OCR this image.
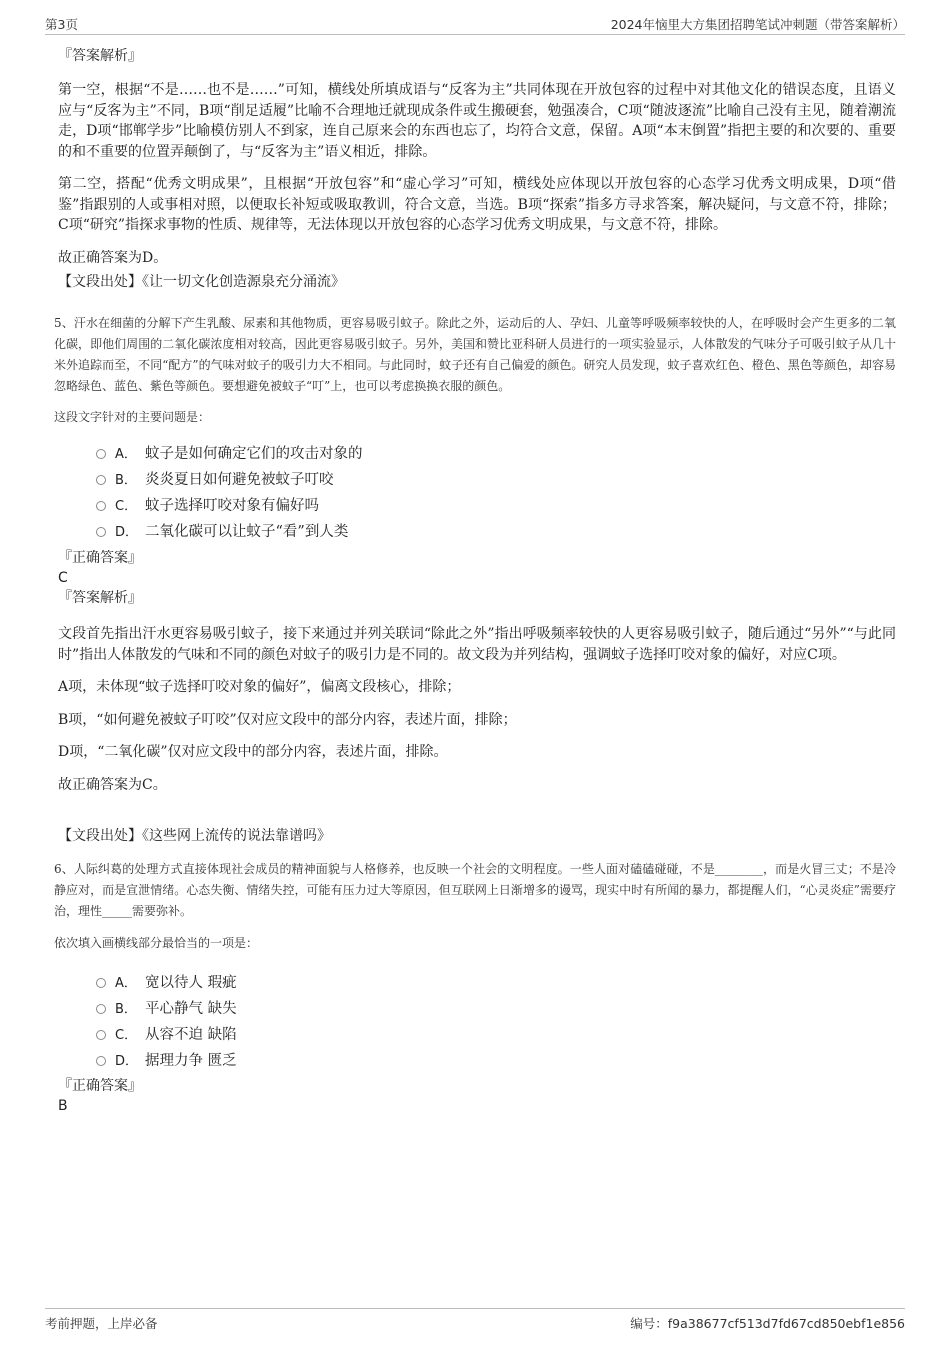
第3页	2024年恼里大方集团招聘笔试冲刺题（带答案解析）

『答案解析』

第一空，根据“不是……也不是……”可知，横线处所填成语与“反客为主”共同体现在开放包容的过程中对其他文化的错误态度，且语义应与“反客为主”不同，B项“削足适履”比喻不合理地迁就现成条件或生搬硬套，勉强凑合，C项“随波逐流”比喻自己没有主见，随着潮流走，D项“邯郸学步”比喻模仿别人不到家，连自己原来会的东西也忘了，均符合文意，保留。A项“本末倒置”指把主要的和次要的、重要的和不重要的位置弄颠倒了，与“反客为主”语义相近，排除。

第二空，搭配“优秀文明成果”，且根据“开放包容”和“虚心学习”可知，横线处应体现以开放包容的心态学习优秀文明成果，D项“借鉴”指跟别的人或事相对照，以便取长补短或吸取教训，符合文意，当选。B项“探索”指多方寻求答案，解决疑问，与文意不符，排除；C项“研究”指探求事物的性质、规律等，无法体现以开放包容的心态学习优秀文明成果，与文意不符，排除。

故正确答案为D。

【文段出处】《让一切文化创造源泉充分涌流》

5、汗水在细菌的分解下产生乳酸、尿素和其他物质，更容易吸引蚊子。除此之外，运动后的人、孕妇、儿童等呼吸频率较快的人，在呼吸时会产生更多的二氧化碳，即他们周围的二氧化碳浓度相对较高，因此更容易吸引蚊子。另外，美国和赞比亚科研人员进行的一项实验显示，人体散发的气味分子可吸引蚊子从几十米外追踪而至，不同“配方”的气味对蚊子的吸引力大不相同。与此同时，蚊子还有自己偏爱的颜色。研究人员发现，蚊子喜欢红色、橙色、黑色等颜色，却容易忽略绿色、蓝色、紫色等颜色。要想避免被蚊子“叮”上，也可以考虑换换衣服的颜色。

这段文字针对的主要问题是：

A． 蚊子是如何确定它们的攻击对象的
B． 炎炎夏日如何避免被蚊子叮咬
C． 蚊子选择叮咬对象有偏好吗
D． 二氧化碳可以让蚊子“看”到人类

『正确答案』

C

『答案解析』

文段首先指出汗水更容易吸引蚊子，接下来通过并列关联词“除此之外”指出呼吸频率较快的人更容易吸引蚊子，随后通过“另外”“与此同时”指出人体散发的气味和不同的颜色对蚊子的吸引力是不同的。故文段为并列结构，强调蚊子选择叮咬对象的偏好，对应C项。

A项，未体现“蚊子选择叮咬对象的偏好”，偏离文段核心，排除；

B项，“如何避免被蚊子叮咬”仅对应文段中的部分内容，表述片面，排除；

D项，“二氧化碳”仅对应文段中的部分内容，表述片面，排除。

故正确答案为C。

【文段出处】《这些网上流传的说法靠谱吗》

6、人际纠葛的处理方式直接体现社会成员的精神面貌与人格修养，也反映一个社会的文明程度。一些人面对磕磕碰碰，不是________，而是火冒三丈；不是冷静应对，而是宣泄情绪。心态失衡、情绪失控，可能有压力过大等原因，但互联网上日渐增多的谩骂，现实中时有所闻的暴力，都提醒人们，“心灵炎症”需要疗治，理性_____需要弥补。

依次填入画横线部分最恰当的一项是：

A． 宽以待人 瑕疵
B． 平心静气 缺失
C． 从容不迫 缺陷
D． 据理力争 匮乏

『正确答案』

B

考前押题，上岸必备	编号：f9a38677cf513d7fd67cd850ebf1e856
